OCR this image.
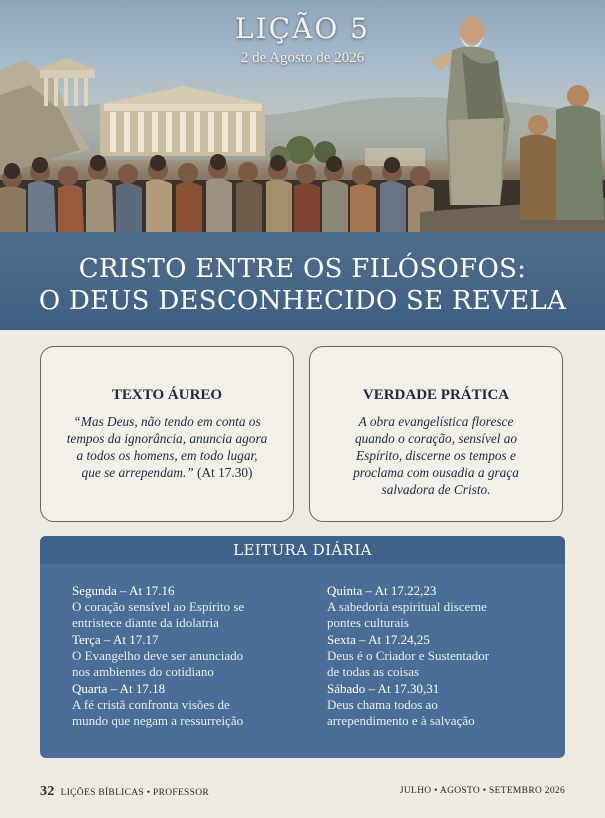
LIÇÃO 5
2 de Agosto de 2026
CRISTO ENTRE OS FILÓSOFOS:
O DEUS DESCONHECIDO SE REVELA
TEXTO ÁUREO

“Mas Deus, não tendo em conta os
tempos da ignorância, anuncia agora
a todos os homens, em todo lugar,
que se arrependam.” (At 17.30)

VERDADE PRÁTICA

A obra evangelística floresce
quando o coração, sensível ao
Espírito, discerne os tempos e
proclama com ousadia a graça
salvadora de Cristo.

LEITURA DIÁRIA
Segunda – At 17.16
O coração sensível ao Espírito se
entristece diante da idolatria
Terça – At 17.17
O Evangelho deve ser anunciado
nos ambientes do cotidiano
Quarta – At 17.18
A fé cristã confronta visões de
mundo que negam a ressurreição
Quinta – At 17.22,23
A sabedoria espiritual discerne
pontes culturais
Sexta – At 17.24,25
Deus é o Criador e Sustentador
de todas as coisas
Sábado – At 17.30,31
Deus chama todos ao
arrependimento e à salvação
32 LIÇÕES BÍBLICAS • PROFESSOR	JULHO • AGOSTO • SETEMBRO 2026
